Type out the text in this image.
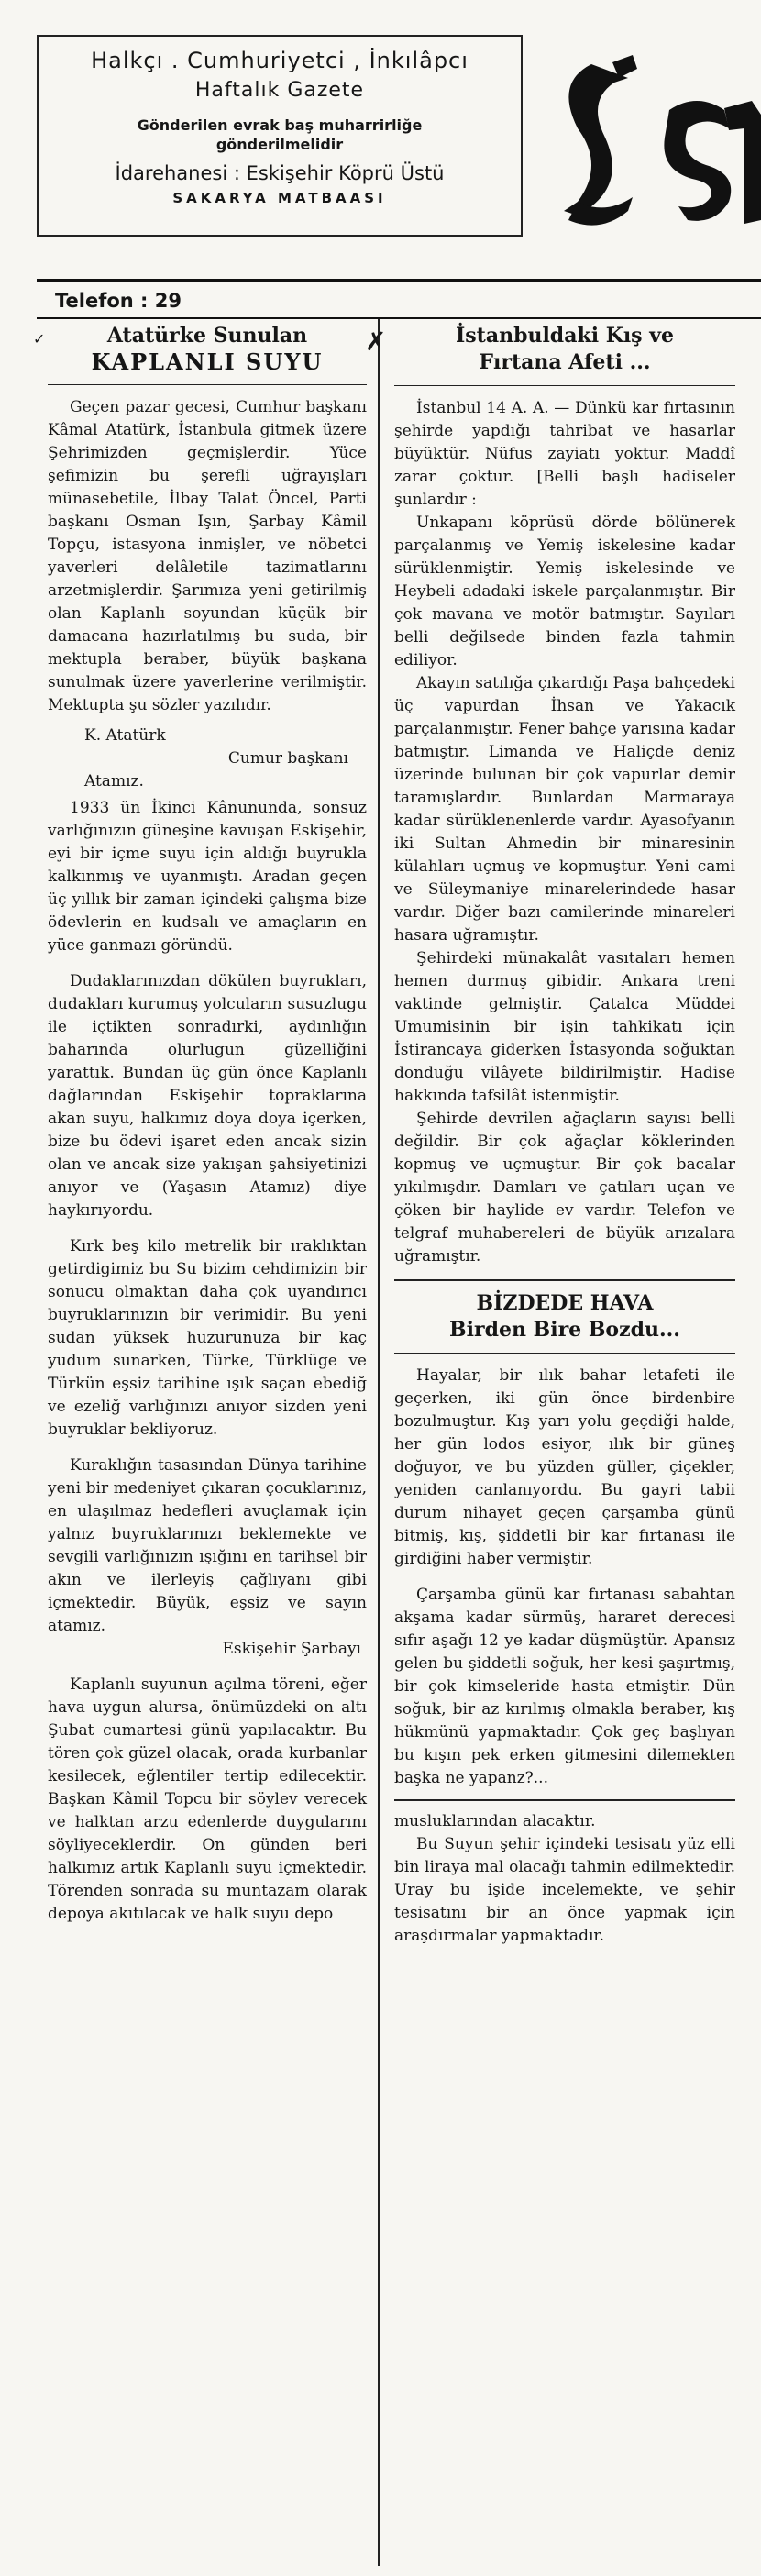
Halkçı . Cumhuriyetci , İnkılâpcı
Haftalık Gazete
Gönderilen evrak baş muharrirliğe
gönderilmelidir
İdarehanesi : Eskişehir Köprü Üstü
SAKARYA MATBAASI
Telefon : 29
✓	✗
Atatürke Sunulan
KAPLANLI SUYU

Geçen pazar gecesi, Cumhur başkanı Kâmal Atatürk, İstanbula gitmek üzere Şehrimizden geçmişlerdir. Yüce şefimizin bu şerefli uğrayışları münasebetile, İlbay Talat Öncel, Parti başkanı Osman Işın, Şarbay Kâmil Topçu, istasyona inmişler, ve nöbetci yaverleri delâletile tazimatlarını arzetmişlerdir. Şarımıza yeni getirilmiş olan Kaplanlı soyundan küçük bir damacana hazırlatılmış bu suda, bir mektupla beraber, büyük başkana sunulmak üzere yaverlerine verilmiştir. Mektupta şu sözler yazılıdır.

K. Atatürk
Cumur başkanı
Atamız.

1933 ün İkinci Kânununda, sonsuz varlığınızın güneşine kavuşan Eskişehir, eyi bir içme suyu için aldığı buyrukla kalkınmış ve uyanmıştı. Aradan geçen üç yıllık bir zaman içindeki çalışma bize ödevlerin en kudsalı ve amaçların en yüce ganmazı göründü.

Dudaklarınızdan dökülen buyrukları, dudakları kurumuş yolcuların susuzlugu ile içtikten sonradırki, aydınlığın baharında olurlugun güzelliğini yarattık. Bundan üç gün önce Kaplanlı dağlarından Eskişehir topraklarına akan suyu, halkımız doya doya içerken, bize bu ödevi işaret eden ancak sizin olan ve ancak size yakışan şahsiyetinizi anıyor ve (Yaşasın Atamız) diye haykırıyordu.

Kırk beş kilo metrelik bir ıraklıktan getirdigimiz bu Su bizim cehdimizin bir sonucu olmaktan daha çok uyandırıcı buyruklarınızın bir verimidir. Bu yeni sudan yüksek huzurunuza bir kaç yudum sunarken, Türke, Türklüge ve Türkün eşsiz tarihine ışık saçan ebediğ ve ezeliğ varlığınızı anıyor sizden yeni buyruklar bekliyoruz.

Kuraklığın tasasından Dünya tarihine yeni bir medeniyet çıkaran çocuklarınız, en ulaşılmaz hedefleri avuçlamak için yalnız buyruklarınızı beklemekte ve sevgili varlığınızın ışığını en tarihsel bir akın ve ilerleyiş çağlıyanı gibi içmektedir. Büyük, eşsiz ve sayın atamız.

Eskişehir Şarbayı

Kaplanlı suyunun açılma töreni, eğer hava uygun alursa, önümüzdeki on altı Şubat cumartesi günü yapılacaktır. Bu tören çok güzel olacak, orada kurbanlar kesilecek, eğlentiler tertip edilecektir. Başkan Kâmil Topcu bir söylev verecek ve halktan arzu edenlerde duygularını söyliyeceklerdir. On günden beri halkımız artık Kaplanlı suyu içmektedir. Törenden sonrada su muntazam olarak depoya akıtılacak ve halk suyu depo

İstanbuldaki Kış ve
Fırtana Afeti ...

İstanbul 14 A. A. — Dünkü kar fırtasının şehirde yapdığı tahribat ve hasarlar büyüktür. Nüfus zayiatı yoktur. Maddî zarar çoktur. [Belli başlı hadiseler şunlardır :

Unkapanı köprüsü dörde bölünerek parçalanmış ve Yemiş iskelesine kadar sürüklenmiştir. Yemiş iskelesinde ve Heybeli adadaki iskele parçalanmıştır. Bir çok mavana ve motör batmıştır. Sayıları belli değilsede binden fazla tahmin ediliyor.

Akayın satılığa çıkardığı Paşa bahçedeki üç vapurdan İhsan ve Yakacık parçalanmıştır. Fener bahçe yarısına kadar batmıştır. Limanda ve Haliçde deniz üzerinde bulunan bir çok vapurlar demir taramışlardır. Bunlardan Marmaraya kadar sürüklenenlerde vardır. Ayasofyanın iki Sultan Ahmedin bir minaresinin külahları uçmuş ve kopmuştur. Yeni cami ve Süleymaniye minarelerindede hasar vardır. Diğer bazı camilerinde minareleri hasara uğramıştır.

Şehirdeki münakalât vasıtaları hemen hemen durmuş gibidir. Ankara treni vaktinde gelmiştir. Çatalca Müddei Umumisinin bir işin tahkikatı için İstirancaya giderken İstasyonda soğuktan donduğu vilâyete bildirilmiştir. Hadise hakkında tafsilât istenmiştir.

Şehirde devrilen ağaçların sayısı belli değildir. Bir çok ağaçlar köklerinden kopmuş ve uçmuştur. Bir çok bacalar yıkılmışdır. Damları ve çatıları uçan ve çöken bir haylide ev vardır. Telefon ve telgraf muhabereleri de büyük arızalara uğramıştır.

BİZDEDE HAVA
Birden Bire Bozdu...

Hayalar, bir ılık bahar letafeti ile geçerken, iki gün önce birdenbire bozulmuştur. Kış yarı yolu geçdiği halde, her gün lodos esiyor, ılık bir güneş doğuyor, ve bu yüzden güller, çiçekler, yeniden canlanıyordu. Bu gayri tabii durum nihayet geçen çarşamba günü bitmiş, kış, şiddetli bir kar fırtanası ile girdiğini haber vermiştir.

Çarşamba günü kar fırtanası sabahtan akşama kadar sürmüş, hararet derecesi sıfır aşağı 12 ye kadar düşmüştür. Apansız gelen bu şiddetli soğuk, her kesi şaşırtmış, bir çok kimseleride hasta etmiştir. Dün soğuk, bir az kırılmış olmakla beraber, kış hükmünü yapmaktadır. Çok geç başlıyan bu kışın pek erken gitmesini dilemekten başka ne yapanz?...

musluklarından alacaktır.

Bu Suyun şehir içindeki tesisatı yüz elli bin liraya mal olacağı tahmin edilmektedir. Uray bu işide incelemekte, ve şehir tesisatını bir an önce yapmak için araşdırmalar yapmaktadır.
